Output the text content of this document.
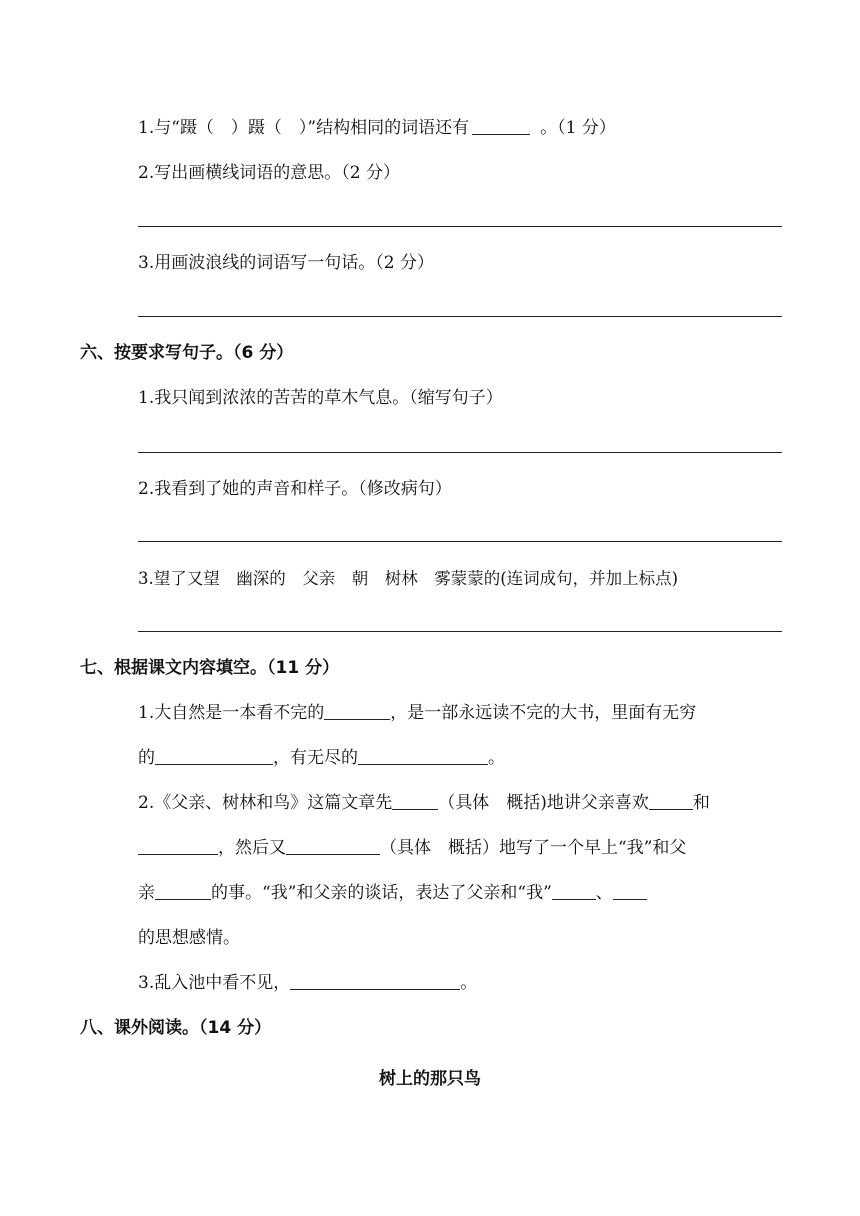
1.与“蹑（　）蹑（　）”结构相同的词语还有	。（1 分）
2.写出画横线词语的意思。（2 分）
3.用画波浪线的词语写一句话。（2 分）
六、按要求写句子。（6 分）
1.我只闻到浓浓的苦苦的草木气息。（缩写句子）
2.我看到了她的声音和样子。（修改病句）
3.望了又望　幽深的　父亲　朝　树林　雾蒙蒙的(连词成句，并加上标点)
七、根据课文内容填空。（11 分）
1.大自然是一本看不完的	，是一部永远读不完的大书，里面有无穷
的	，有无尽的	。
2.《父亲、树林和鸟》这篇文章先	（具体　概括)地讲父亲喜欢	和
，然后又	（具体　概括）地写了一个早上“我”和父
亲	的事。“我”和父亲的谈话，表达了父亲和“我”	、
的思想感情。
3.乱入池中看不见，	。
八、课外阅读。（14 分）
树上的那只鸟
